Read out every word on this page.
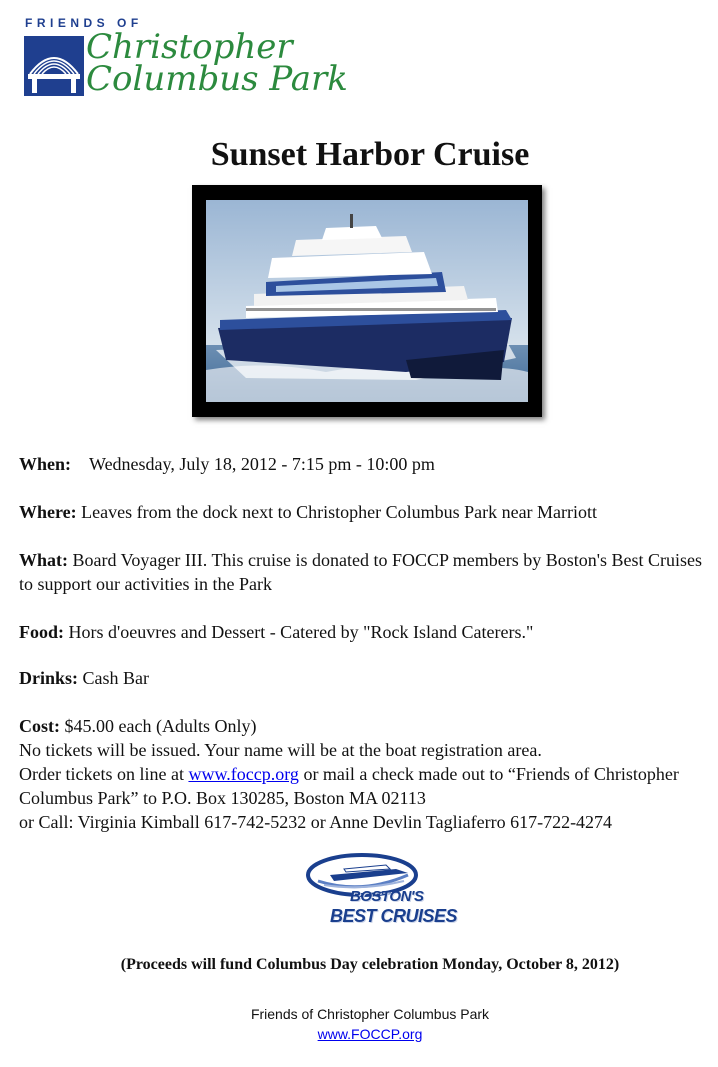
FRIENDS OF
Christopher
Columbus Park
Sunset Harbor Cruise

When: Wednesday, July 18, 2012 - 7:15 pm - 10:00 pm

Where: Leaves from the dock next to Christopher Columbus Park near Marriott

What: Board Voyager III. This cruise is donated to FOCCP members by Boston's Best Cruises to support our activities in the Park

Food: Hors d'oeuvres and Dessert - Catered by "Rock Island Caterers."

Drinks: Cash Bar

Cost: $45.00 each (Adults Only)
No tickets will be issued. Your name will be at the boat registration area.
Order tickets on line at www.foccp.org or mail a check made out to “Friends of Christopher Columbus Park” to P.O. Box 130285, Boston MA 02113
or Call: Virginia Kimball 617-742-5232 or Anne Devlin Tagliaferro 617-722-4274

BOSTON'S
BEST CRUISES
(Proceeds will fund Columbus Day celebration Monday, October 8, 2012)
Friends of Christopher Columbus Park
www.FOCCP.org
